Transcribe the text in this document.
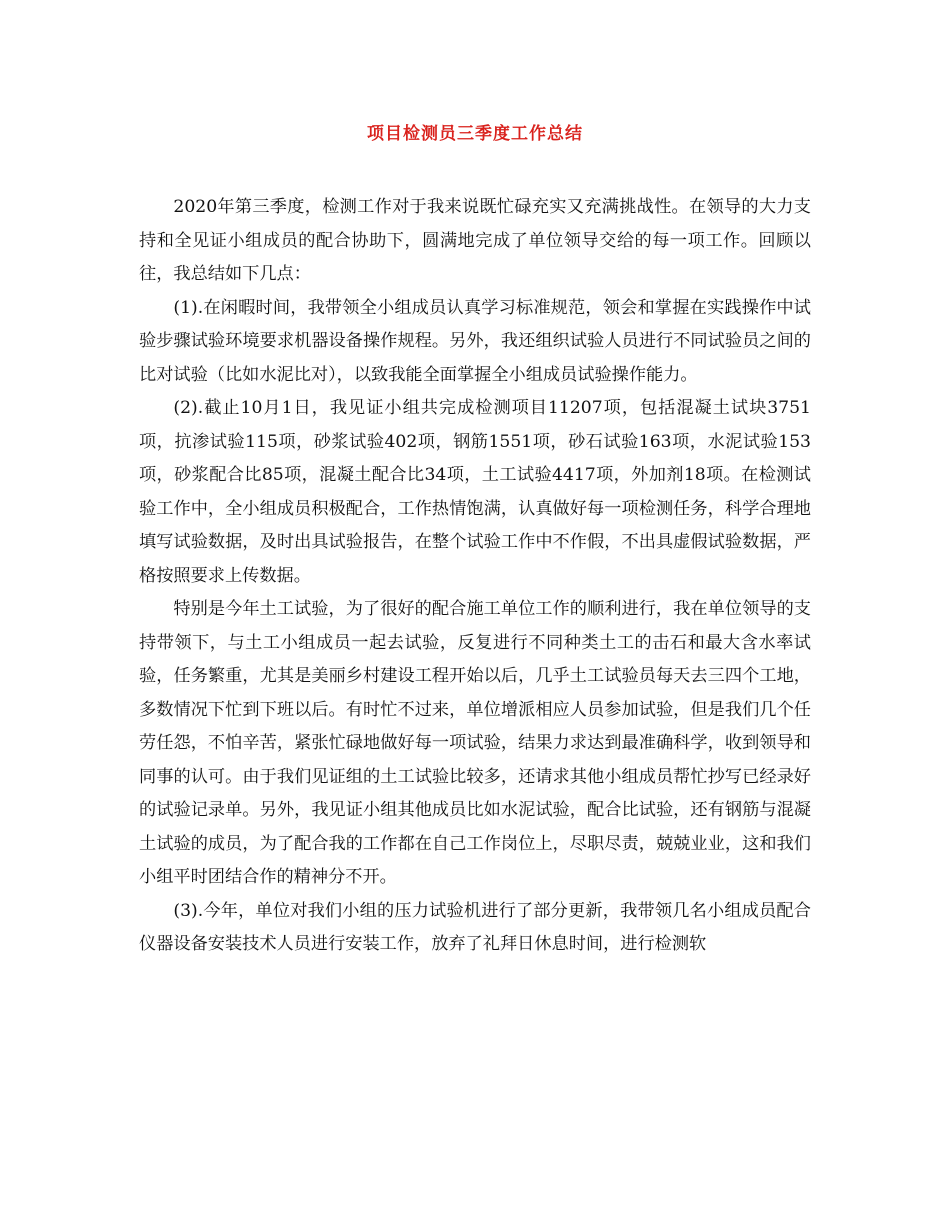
项目检测员三季度工作总结

2020年第三季度，检测工作对于我来说既忙碌充实又充满挑战性。在领导的大力支持和全见证小组成员的配合协助下，圆满地完成了单位领导交给的每一项工作。回顾以往，我总结如下几点：

(1).在闲暇时间，我带领全小组成员认真学习标准规范，领会和掌握在实践操作中试验步骤试验环境要求机器设备操作规程。另外，我还组织试验人员进行不同试验员之间的比对试验（比如水泥比对），以致我能全面掌握全小组成员试验操作能力。

(2).截止10月1日，我见证小组共完成检测项目11207项，包括混凝土试块3751项，抗渗试验115项，砂浆试验402项，钢筋1551项，砂石试验163项，水泥试验153项，砂浆配合比85项，混凝土配合比34项，土工试验4417项，外加剂18项。在检测试验工作中，全小组成员积极配合，工作热情饱满，认真做好每一项检测任务，科学合理地填写试验数据，及时出具试验报告，在整个试验工作中不作假，不出具虚假试验数据，严格按照要求上传数据。

特别是今年土工试验，为了很好的配合施工单位工作的顺利进行，我在单位领导的支持带领下，与土工小组成员一起去试验，反复进行不同种类土工的击石和最大含水率试验，任务繁重，尤其是美丽乡村建设工程开始以后，几乎土工试验员每天去三四个工地，多数情况下忙到下班以后。有时忙不过来，单位增派相应人员参加试验，但是我们几个任劳任怨，不怕辛苦，紧张忙碌地做好每一项试验，结果力求达到最准确科学，收到领导和同事的认可。由于我们见证组的土工试验比较多，还请求其他小组成员帮忙抄写已经录好的试验记录单。另外，我见证小组其他成员比如水泥试验，配合比试验，还有钢筋与混凝土试验的成员，为了配合我的工作都在自己工作岗位上，尽职尽责，兢兢业业，这和我们小组平时团结合作的精神分不开。

(3).今年，单位对我们小组的压力试验机进行了部分更新，我带领几名小组成员配合仪器设备安装技术人员进行安装工作，放弃了礼拜日休息时间，进行检测软
